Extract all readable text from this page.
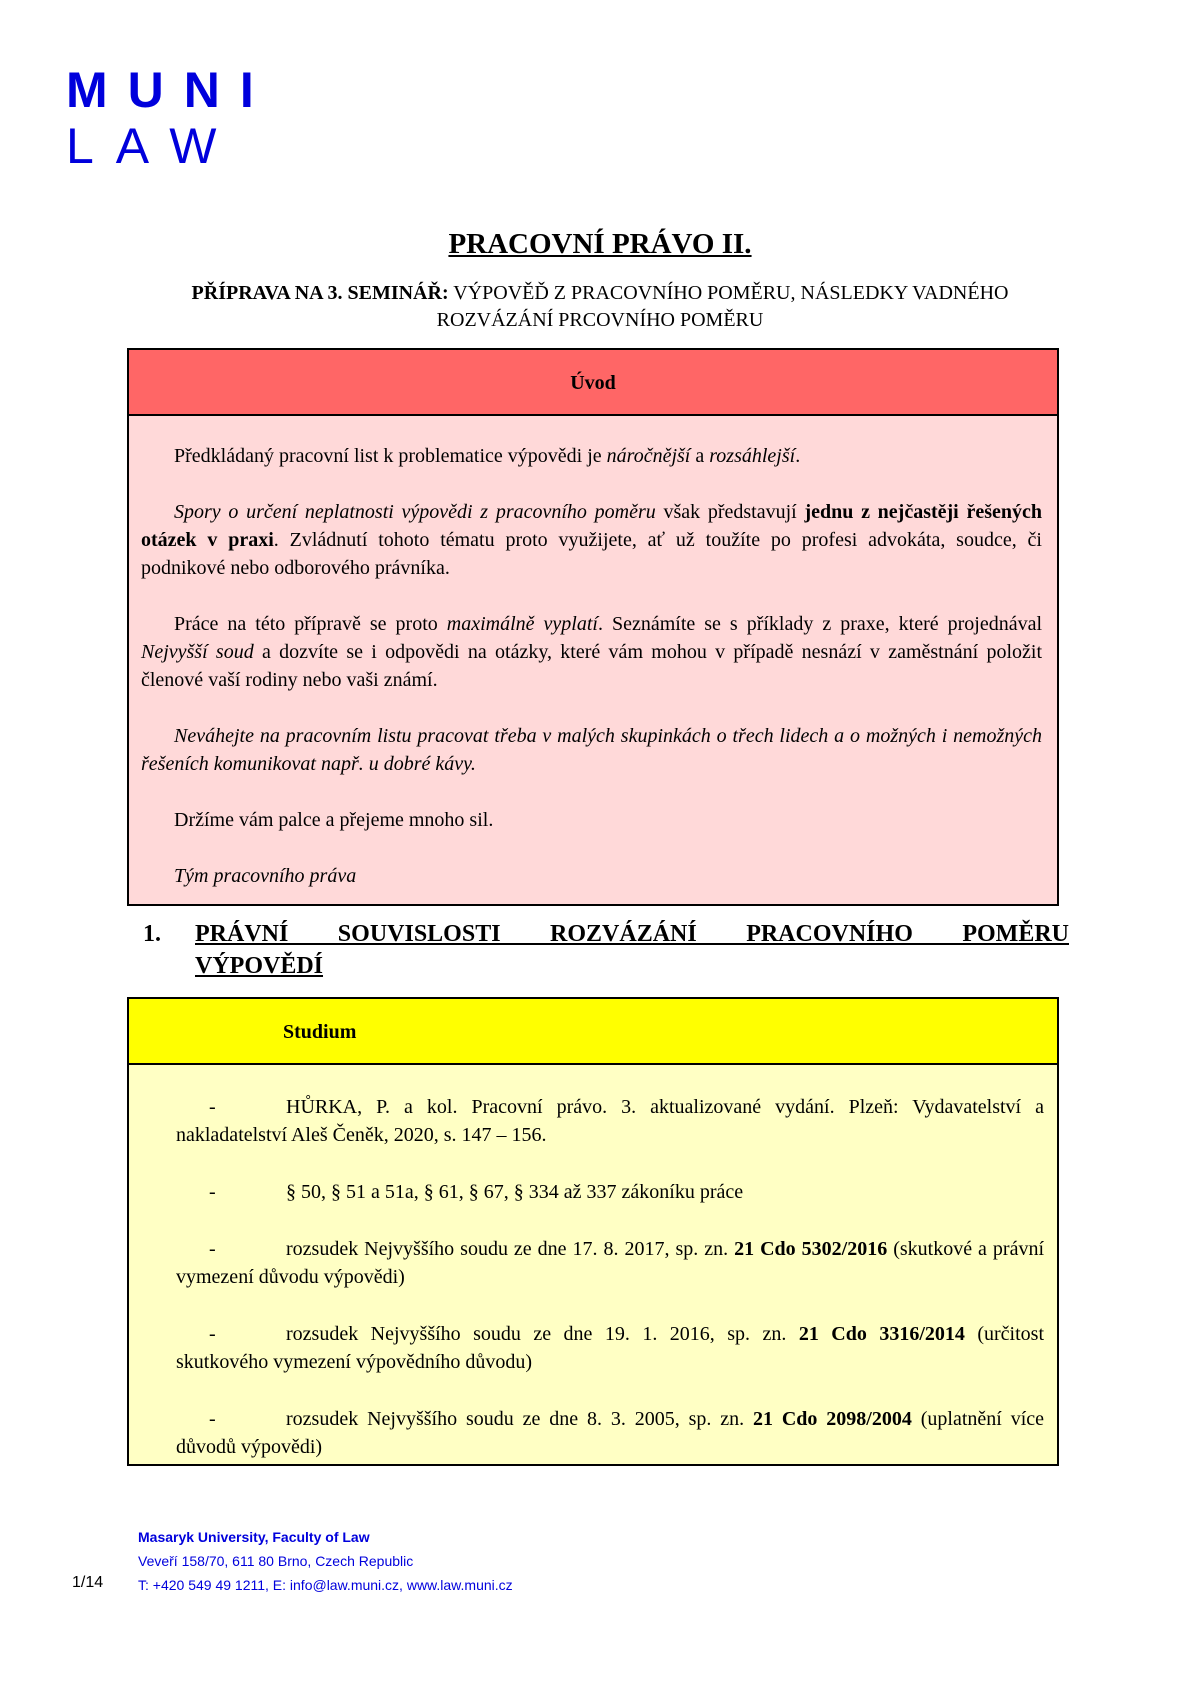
MUNI
LAW
PRACOVNÍ PRÁVO II.
PŘÍPRAVA NA 3. SEMINÁŘ: VÝPOVĚĎ Z PRACOVNÍHO POMĚRU, NÁSLEDKY VADNÉHO ROZVÁZÁNÍ PRCOVNÍHO POMĚRU
Úvod

Předkládaný pracovní list k problematice výpovědi je náročnější a rozsáhlejší.

Spory o určení neplatnosti výpovědi z pracovního poměru však představují jednu z nejčastěji řešených otázek v praxi. Zvládnutí tohoto tématu proto využijete, ať už toužíte po profesi advokáta, soudce, či podnikové nebo odborového právníka.

Práce na této přípravě se proto maximálně vyplatí. Seznámíte se s příklady z praxe, které projednával Nejvyšší soud a dozvíte se i odpovědi na otázky, které vám mohou v případě nesnází v zaměstnání položit členové vaší rodiny nebo vaši známí.

Neváhejte na pracovním listu pracovat třeba v malých skupinkách o třech lidech a o možných i nemožných řešeních komunikovat např. u dobré kávy.

Držíme vám palce a přejeme mnoho sil.

Tým pracovního práva

1. PRÁVNÍ SOUVISLOSTI ROZVÁZÁNÍ PRACOVNÍHO POMĚRU
VÝPOVĚDÍ
Studium

-	HŮRKA, P. a kol. Pracovní právo. 3. aktualizované vydání. Plzeň: Vydavatelství a nakladatelství Aleš Čeněk, 2020, s. 147 – 156.

-	§ 50, § 51 a 51a, § 61, § 67, § 334 až 337 zákoníku práce

-	rozsudek Nejvyššího soudu ze dne 17. 8. 2017, sp. zn. 21 Cdo 5302/2016 (skutkové a právní vymezení důvodu výpovědi)

-	rozsudek Nejvyššího soudu ze dne 19. 1. 2016, sp. zn. 21 Cdo 3316/2014 (určitost skutkového vymezení výpovědního důvodu)

-	rozsudek Nejvyššího soudu ze dne 8. 3. 2005, sp. zn. 21 Cdo 2098/2004 (uplatnění více důvodů výpovědi)

Masaryk University, Faculty of Law
Veveří 158/70, 611 80 Brno, Czech Republic
T: +420 549 49 1211, E: info@law.muni.cz, www.law.muni.cz
1/14
